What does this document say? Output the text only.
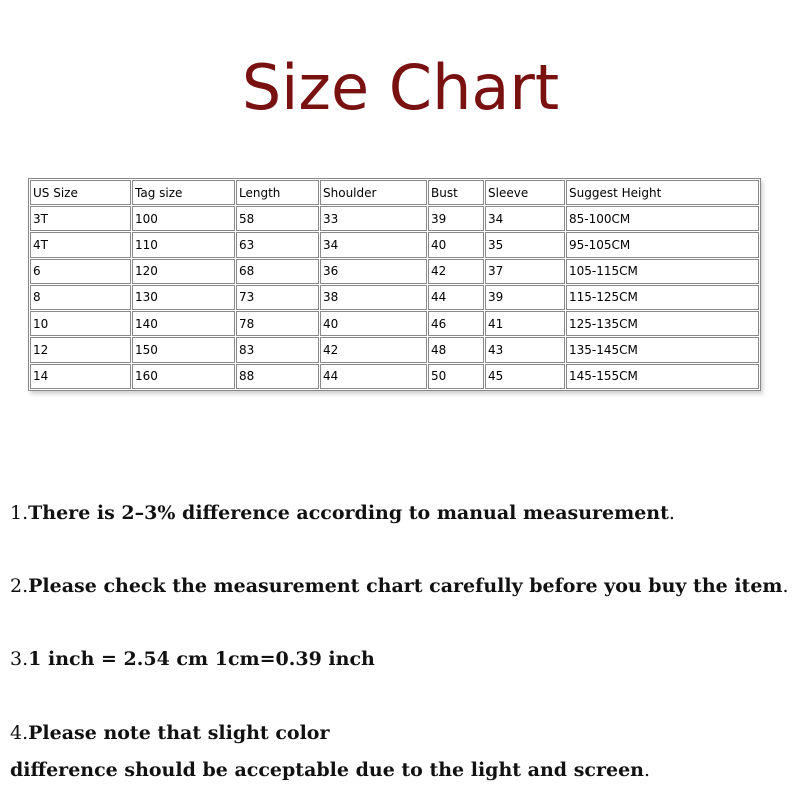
Size Chart
US Size	Tag size	Length	Shoulder	Bust	Sleeve	Suggest Height
3T	100	58	33	39	34	85-100CM
4T	110	63	34	40	35	95-105CM
6	120	68	36	42	37	105-115CM
8	130	73	38	44	39	115-125CM
10	140	78	40	46	41	125-135CM
12	150	83	42	48	43	135-145CM
14	160	88	44	50	45	145-155CM
1.There is 2–3% difference according to manual measurement.
2.Please check the measurement chart carefully before you buy the item.
3.1 inch = 2.54 cm 1cm=0.39 inch
4.Please note that slight color
difference should be acceptable due to the light and screen.
